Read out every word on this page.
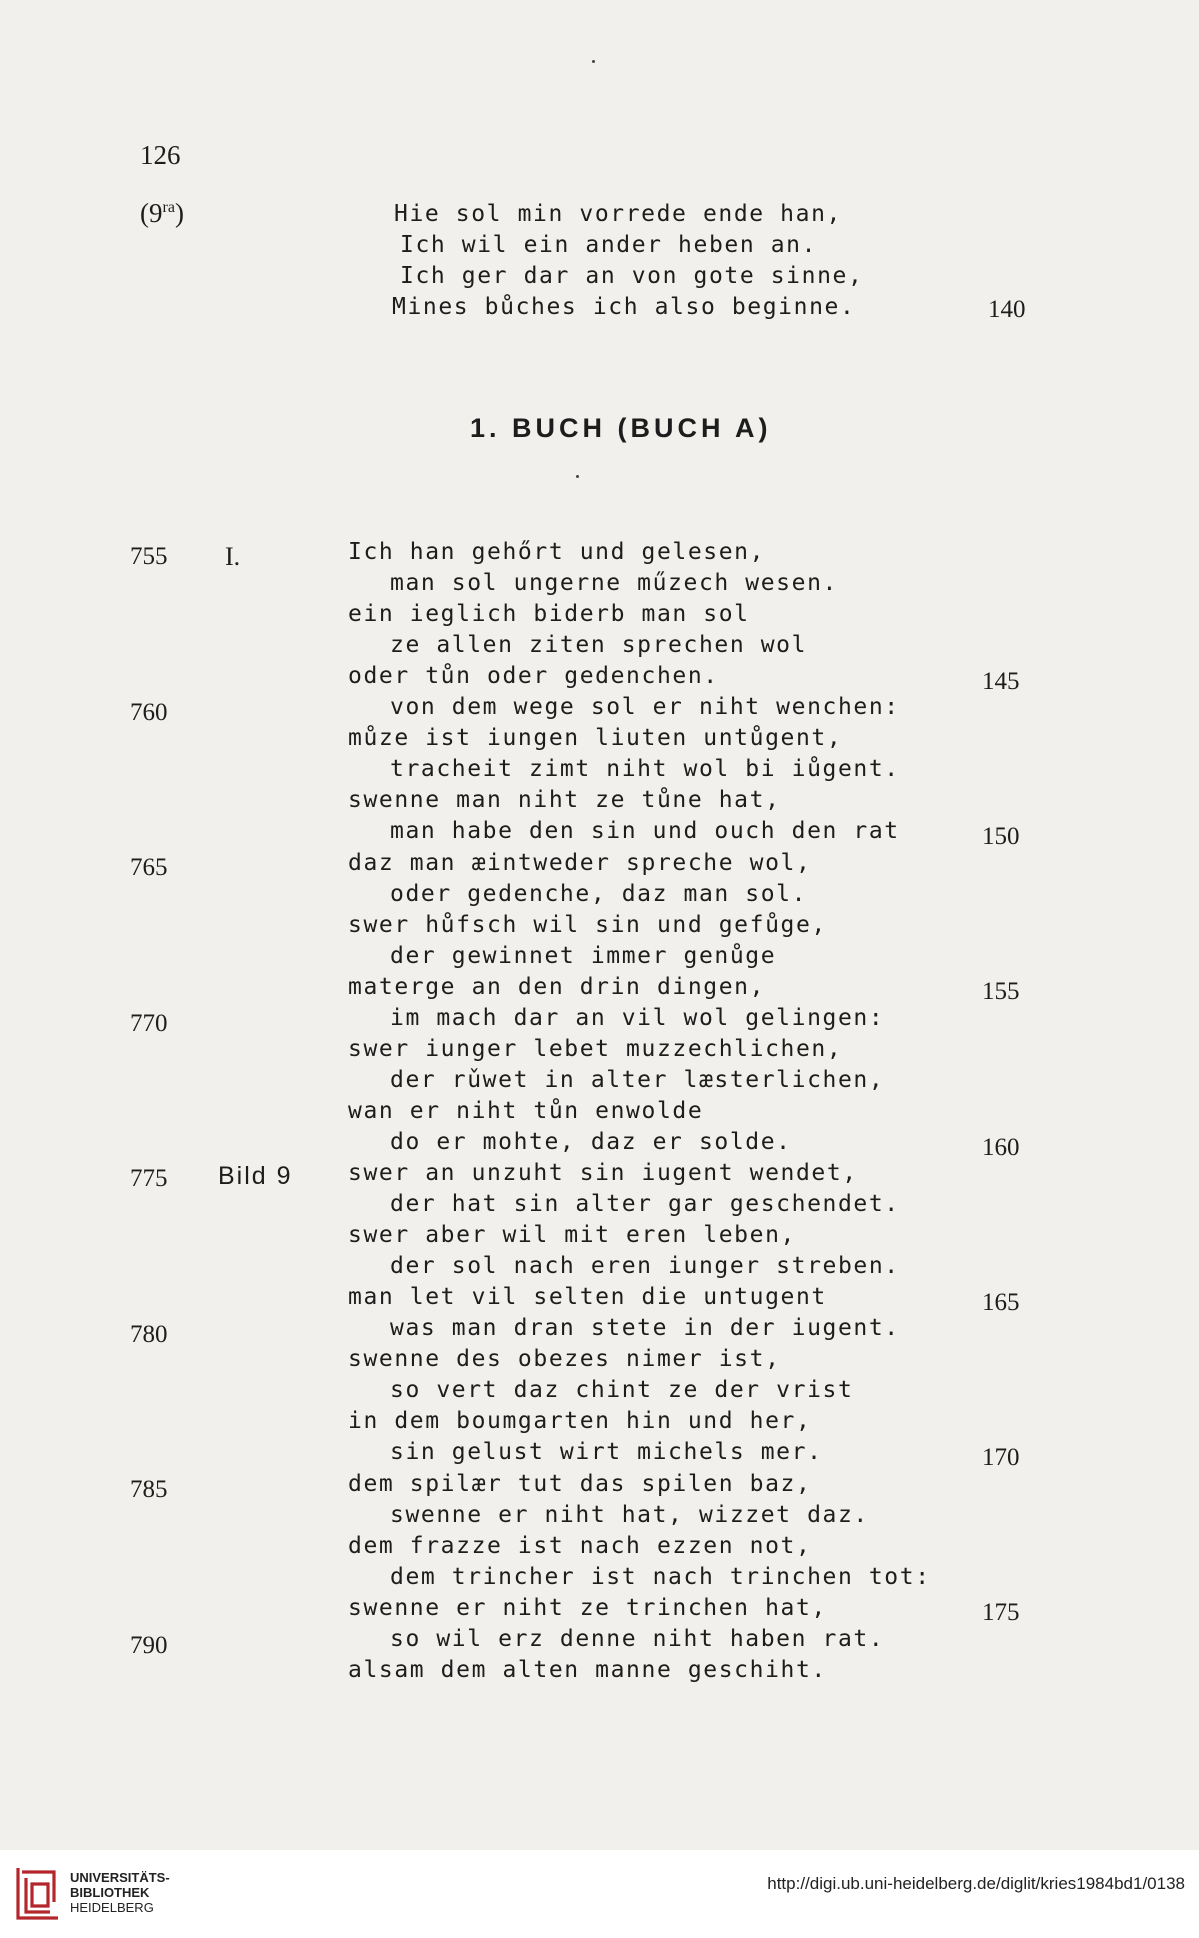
126
$(9^{ra})$	Hie sol min vorrede ende han,
Ich wil ein ander heben an.
Ich ger dar an von gote sinne,
Mines bůches ich also beginne.	140
1. BUCH (BUCH A)
I.
Bild 9
Ich han gehőrt und gelesen,
man sol ungerne műzech wesen.
ein ieglich biderb man sol
ze allen ziten sprechen wol
oder tůn oder gedenchen.
von dem wege sol er niht wenchen:
můze ist iungen liuten untůgent,
tracheit zimt niht wol bi iůgent.
swenne man niht ze tůne hat,
man habe den sin und ouch den rat
daz man æintweder spreche wol,
oder gedenche, daz man sol.
swer hůfsch wil sin und gefůge,
der gewinnet immer genůge
materge an den drin dingen,
im mach dar an vil wol gelingen:
swer iunger lebet muzzechlichen,
der rǔwet in alter læsterlichen,
wan er niht tůn enwolde
do er mohte, daz er solde.
swer an unzuht sin iugent wendet,
der hat sin alter gar geschendet.
swer aber wil mit eren leben,
der sol nach eren iunger streben.
man let vil selten die untugent
was man dran stete in der iugent.
swenne des obezes nimer ist,
so vert daz chint ze der vrist
in dem boumgarten hin und her,
sin gelust wirt michels mer.
dem spilær tut das spilen baz,
swenne er niht hat, wizzet daz.
dem frazze ist nach ezzen not,
dem trincher ist nach trinchen tot:
swenne er niht ze trinchen hat,
so wil erz denne niht haben rat.
alsam dem alten manne geschiht.
755
760
765
770
775
780
785
790
145
150
155
160
165
170
175
UNIVERSITÄTS-
BIBLIOTHEK
HEIDELBERG
http://digi.ub.uni-heidelberg.de/diglit/kries1984bd1/0138
